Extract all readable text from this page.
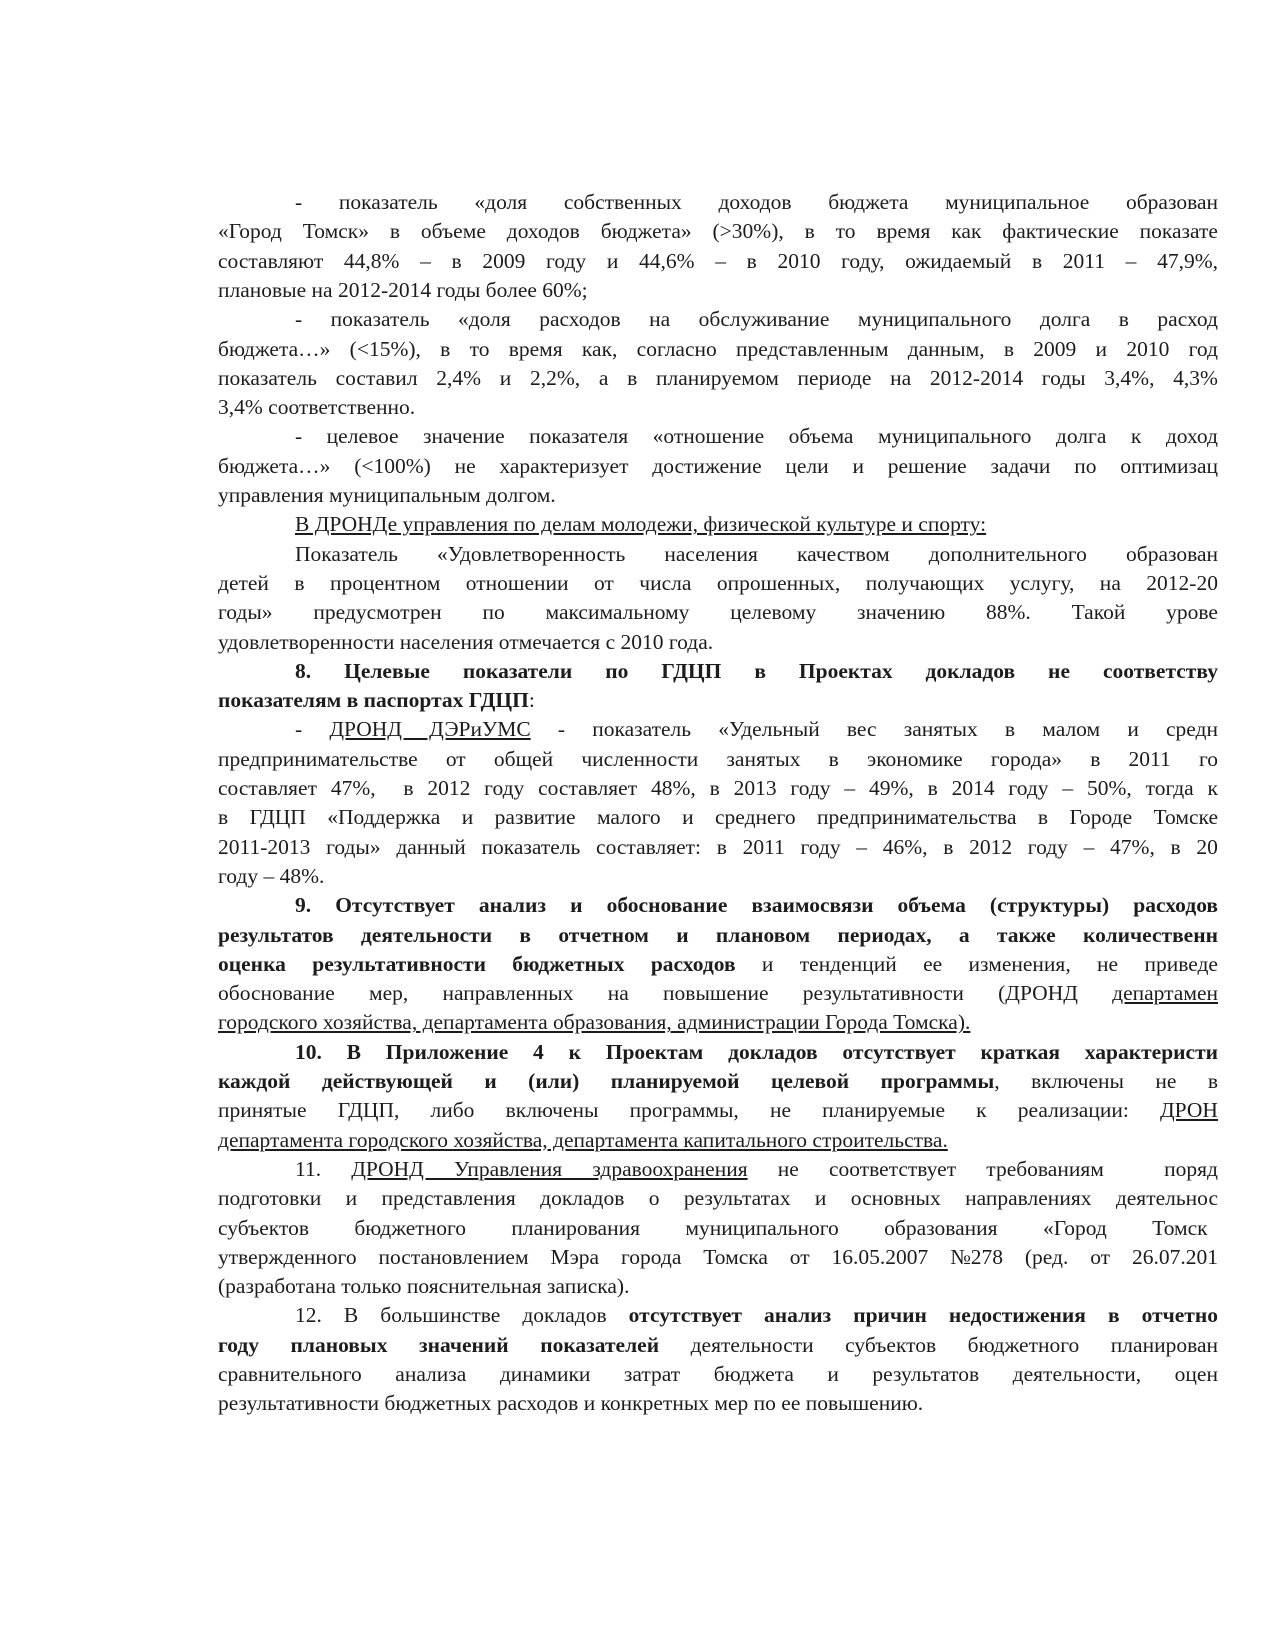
- показатель «доля собственных доходов бюджета муниципальное образован

«Город Томск» в объеме доходов бюджета» (>30%), в то время как фактические показате

составляют 44,8% – в 2009 году и 44,6% – в 2010 году, ожидаемый в 2011 – 47,9%,

плановые на 2012-2014 годы более 60%;

- показатель «доля расходов на обслуживание муниципального долга в расход

бюджета…» (<15%), в то время как, согласно представленным данным, в 2009 и 2010 год

показатель составил 2,4% и 2,2%, а в планируемом периоде на 2012-2014 годы 3,4%, 4,3%

3,4% соответственно.

- целевое значение показателя «отношение объема муниципального долга к доход

бюджета…» (<100%) не характеризует достижение цели и решение задачи по оптимизац

управления муниципальным долгом.

В ДРОНДе управления по делам молодежи, физической культуре и спорту:

Показатель «Удовлетворенность населения качеством дополнительного образован

детей в процентном отношении от числа опрошенных, получающих услугу, на 2012-20

годы» предусмотрен по максимальному целевому значению 88%. Такой урове

удовлетворенности населения отмечается с 2010 года.

8. Целевые показатели по ГДЦП в Проектах докладов не соответству

показателям в паспортах ГДЦП:

- ДРОНД ДЭРиУМС - показатель «Удельный вес занятых в малом и средн

предпринимательстве от общей численности занятых в экономике города» в 2011 го

составляет 47%,  в 2012 году составляет 48%, в 2013 году – 49%, в 2014 году – 50%, тогда к

в ГДЦП «Поддержка и развитие малого и среднего предпринимательства в Городе Томске

2011-2013 годы» данный показатель составляет: в 2011 году – 46%, в 2012 году – 47%, в 20

году – 48%.

9. Отсутствует анализ и обоснование взаимосвязи объема (структуры) расходов

результатов деятельности в отчетном и плановом периодах, а также количественн

оценка результативности бюджетных расходов и тенденций ее изменения, не приведе

обоснование мер, направленных на повышение результативности (ДРОНД департамен

городского хозяйства, департамента образования, администрации Города Томска).

10. В Приложение 4 к Проектам докладов отсутствует краткая характеристи

каждой действующей и (или) планируемой целевой программы, включены не в

принятые ГДЦП, либо включены программы, не планируемые к реализации: ДРОН

департамента городского хозяйства, департамента капитального строительства.

11. ДРОНД Управления здравоохранения не соответствует требованиям  поряд

подготовки и представления докладов о результатах и основных направлениях деятельнос

субъектов бюджетного планирования муниципального образования «Город Томск

утвержденного постановлением Мэра города Томска от 16.05.2007 №278 (ред. от 26.07.201

(разработана только пояснительная записка).

12. В большинстве докладов отсутствует анализ причин недостижения в отчетно

году плановых значений показателей деятельности субъектов бюджетного планирован

сравнительного анализа динамики затрат бюджета и результатов деятельности, оцен

результативности бюджетных расходов и конкретных мер по ее повышению.
